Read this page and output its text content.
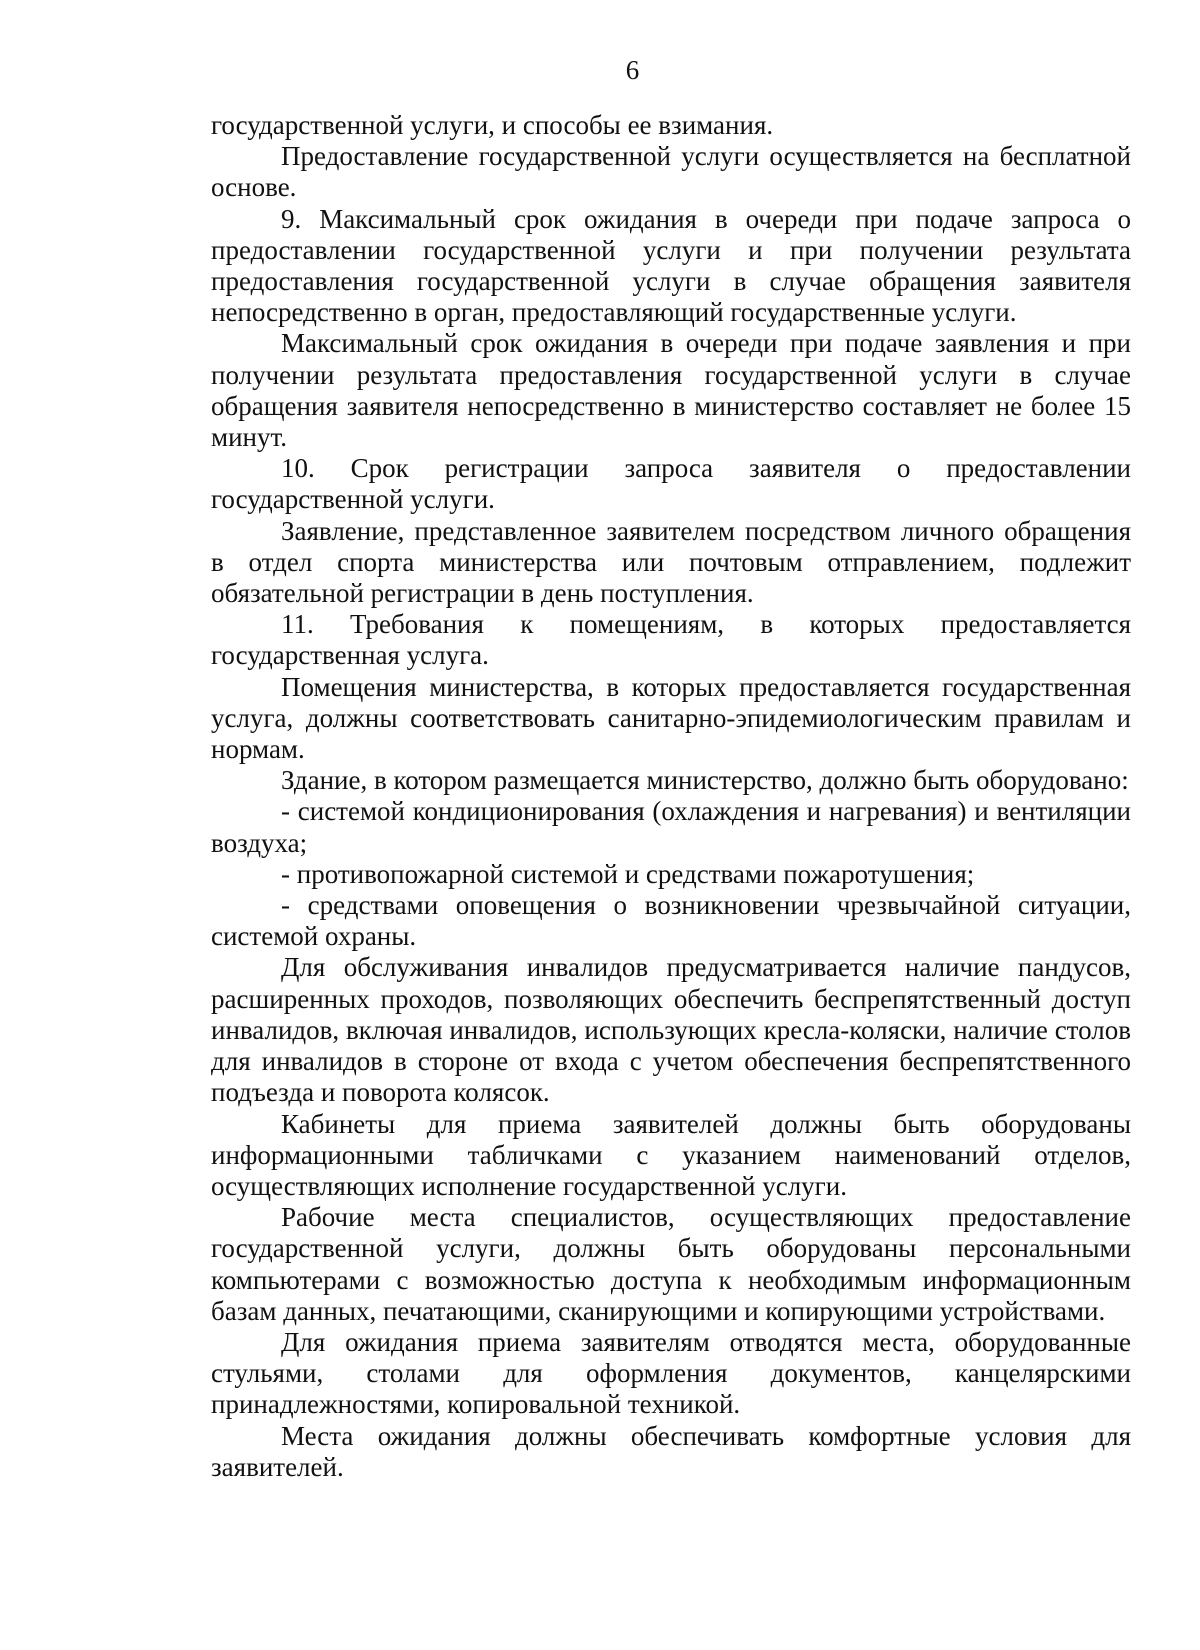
6

государственной услуги, и способы ее взимания.

Предоставление государственной услуги осуществляется на бесплатной основе.

9. Максимальный срок ожидания в очереди при подаче запроса о предоставлении государственной услуги и при получении результата предоставления государственной услуги в случае обращения заявителя непосредственно в орган, предоставляющий государственные услуги.

Максимальный срок ожидания в очереди при подаче заявления и при получении результата предоставления государственной услуги в случае обращения заявителя непосредственно в министерство составляет не более 15 минут.

10. Срок регистрации запроса заявителя о предоставлении государственной услуги.

Заявление, представленное заявителем посредством личного обращения в отдел спорта министерства или почтовым отправлением, подлежит обязательной регистрации в день поступления.

11. Требования к помещениям, в которых предоставляется государственная услуга.

Помещения министерства, в которых предоставляется государственная услуга, должны соответствовать санитарно-эпидемиологическим правилам и нормам.

Здание, в котором размещается министерство, должно быть оборудовано:

- системой кондиционирования (охлаждения и нагревания) и вентиляции воздуха;

- противопожарной системой и средствами пожаротушения;

- средствами оповещения о возникновении чрезвычайной ситуации, системой охраны.

Для обслуживания инвалидов предусматривается наличие пандусов, расширенных проходов, позволяющих обеспечить беспрепятственный доступ инвалидов, включая инвалидов, использующих кресла-коляски, наличие столов для инвалидов в стороне от входа с учетом обеспечения беспрепятственного подъезда и поворота колясок.

Кабинеты для приема заявителей должны быть оборудованы информационными табличками с указанием наименований отделов, осуществляющих исполнение государственной услуги.

Рабочие места специалистов, осуществляющих предоставление государственной услуги, должны быть оборудованы персональными компьютерами с возможностью доступа к необходимым информационным базам данных, печатающими, сканирующими и копирующими устройствами.

Для ожидания приема заявителям отводятся места, оборудованные стульями, столами для оформления документов, канцелярскими принадлежностями, копировальной техникой.

Места ожидания должны обеспечивать комфортные условия для заявителей.
